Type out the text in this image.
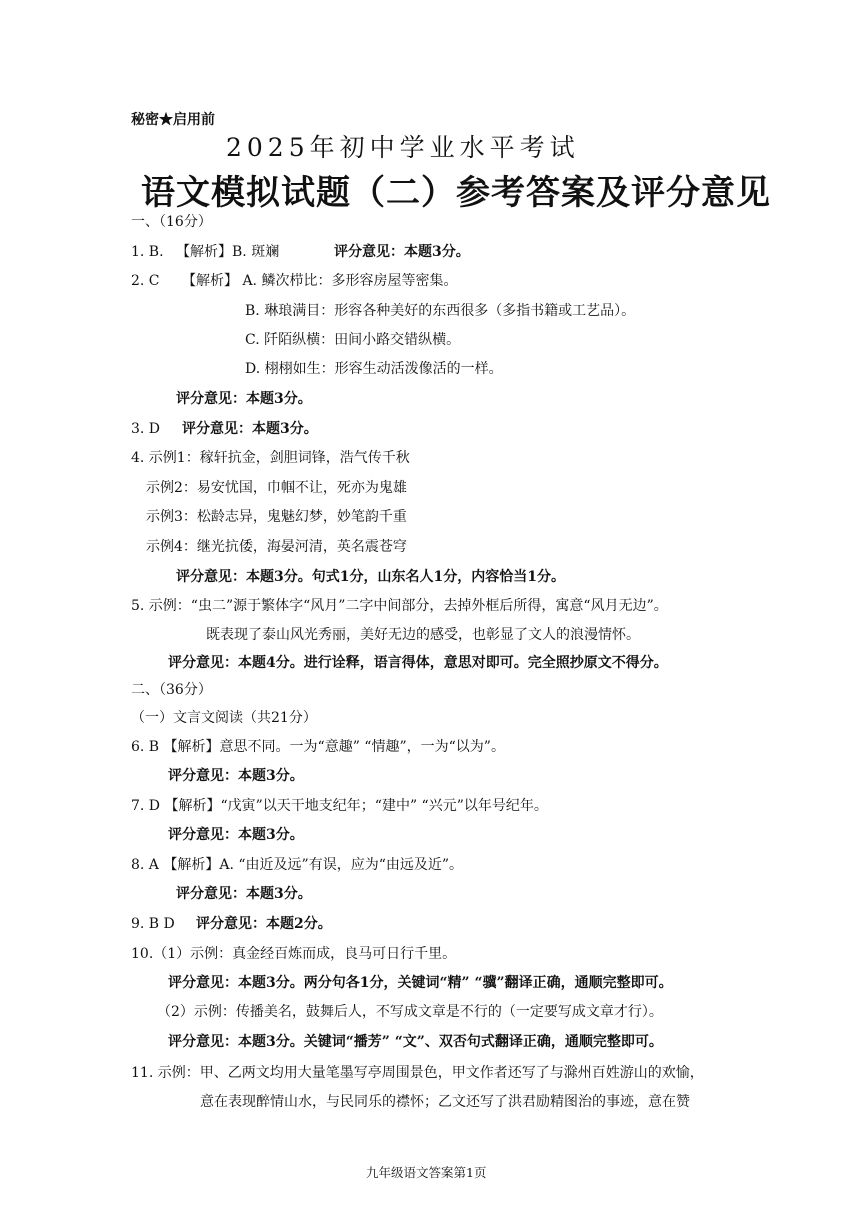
秘密★启用前
2025年初中学业水平考试
语文模拟试题（二）参考答案及评分意见
一、（16分）
1. B. 【解析】B. 斑斓	评分意见：本题3分。
2. C 【解析】 A. 鳞次栉比：多形容房屋等密集。
B. 琳琅满目：形容各种美好的东西很多（多指书籍或工艺品）。
C. 阡陌纵横：田间小路交错纵横。
D. 栩栩如生：形容生动活泼像活的一样。
评分意见：本题3分。
3. D 评分意见：本题3分。
4. 示例1：稼轩抗金，剑胆词锋，浩气传千秋
示例2：易安忧国，巾帼不让，死亦为鬼雄
示例3：松龄志异，鬼魅幻梦，妙笔韵千重
示例4：继光抗倭，海晏河清，英名震苍穹
评分意见：本题3分。句式1分，山东名人1分，内容恰当1分。
5. 示例：“虫二”源于繁体字“风月”二字中间部分，去掉外框后所得，寓意“风月无边”。
既表现了泰山风光秀丽，美好无边的感受，也彰显了文人的浪漫情怀。
评分意见：本题4分。进行诠释，语言得体，意思对即可。完全照抄原文不得分。
二、（36分）
（一）文言文阅读（共21分）
6. B 【解析】意思不同。一为“意趣” “情趣”，一为“以为”。
评分意见：本题3分。
7. D 【解析】“戊寅”以天干地支纪年；“建中” “兴元”以年号纪年。
评分意见：本题3分。
8. A 【解析】A. “由近及远”有误，应为“由远及近”。
评分意见：本题3分。
9. B D 评分意见：本题2分。
10.（1）示例：真金经百炼而成，良马可日行千里。
评分意见：本题3分。两分句各1分，关键词“精” “骥”翻译正确，通顺完整即可。
（2）示例：传播美名，鼓舞后人，不写成文章是不行的（一定要写成文章才行）。
评分意见：本题3分。关键词“播芳” “文”、双否句式翻译正确，通顺完整即可。
11. 示例：甲、乙两文均用大量笔墨写亭周围景色，甲文作者还写了与滁州百姓游山的欢愉，
意在表现醉情山水，与民同乐的襟怀；乙文还写了洪君励精图治的事迹，意在赞
九年级语文答案第1页
